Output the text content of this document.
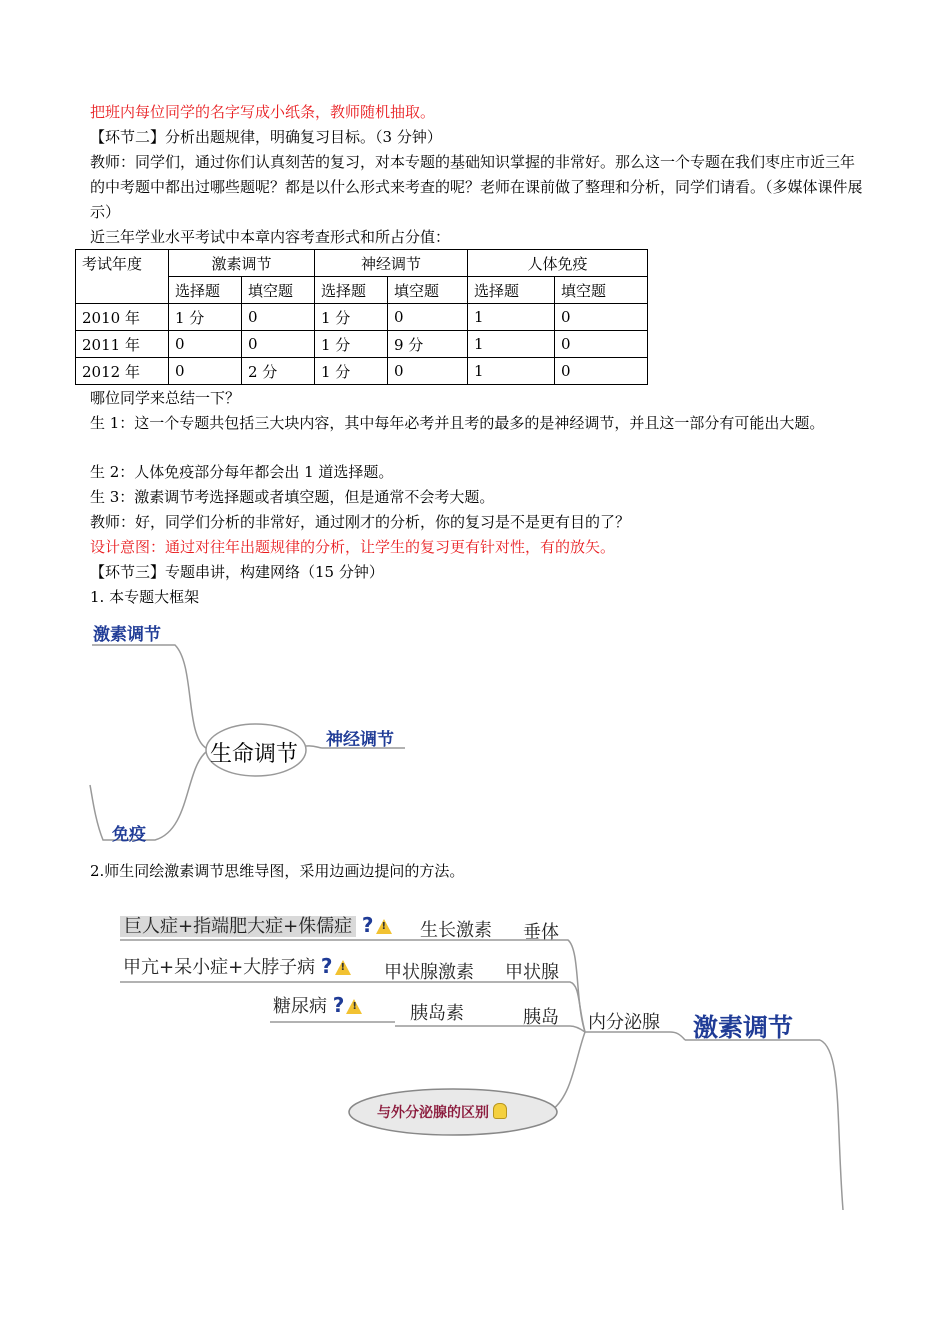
把班内每位同学的名字写成小纸条，教师随机抽取。
【环节二】分析出题规律，明确复习目标。（3 分钟）
教师：同学们，通过你们认真刻苦的复习，对本专题的基础知识掌握的非常好。那么这一个专题在我们枣庄市近三年的中考题中都出过哪些题呢？都是以什么形式来考查的呢？老师在课前做了整理和分析，同学们请看。（多媒体课件展示）
近三年学业水平考试中本章内容考查形式和所占分值：
考试年度	激素调节		神经调节		人体免疫	
	选择题	填空题	选择题	填空题	选择题	填空题
2010 年	1 分	0	1 分	0	1	0
2011 年	0	0	1 分	9 分	1	0
2012 年	0	2 分	1 分	0	1	0
哪位同学来总结一下？
生 1：这一个专题共包括三大块内容，其中每年必考并且考的最多的是神经调节，并且这一部分有可能出大题。
生 2：人体免疫部分每年都会出 1 道选择题。
生 3：激素调节考选择题或者填空题，但是通常不会考大题。
教师：好，同学们分析的非常好，通过刚才的分析，你的复习是不是更有目的了？
设计意图：通过对往年出题规律的分析，让学生的复习更有针对性，有的放矢。
【环节三】专题串讲，构建网络（15 分钟）
1. 本专题大框架
激素调节
生命调节
神经调节
免疫
2.师生同绘激素调节思维导图，采用边画边提问的方法。
巨人症+指端肥大症+侏儒症 ? !	生长激素 垂体
甲亢+呆小症+大脖子病 ? !	甲状腺激素 甲状腺
糖尿病 ? !	胰岛素	胰岛 内分泌腺 激素调节
与外分泌腺的区别
